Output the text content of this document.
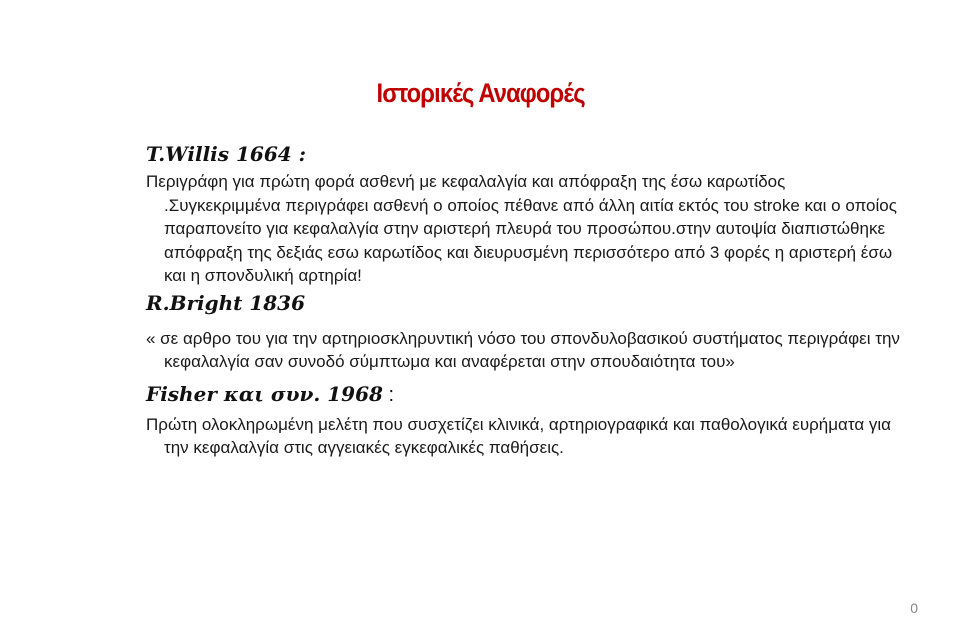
Ιστορικές Αναφορές
T.Willis 1664 :
Περιγράφη για πρώτη φορά ασθενή με κεφαλαλγία και απόφραξη της έσω καρωτίδος .Συγκεκριμμένα περιγράφει ασθενή ο οποίος πέθανε από άλλη αιτία εκτός του stroke και ο οποίος παραπονείτο για κεφαλαλγία στην αριστερή πλευρά του προσώπου.στην αυτοψία διαπιστώθηκε απόφραξη της δεξιάς εσω καρωτίδος και διευρυσμένη περισσότερο από 3 φορές η αριστερή έσω και η σπονδυλική αρτηρία!
R.Bright 1836
« σε αρθρο του για την αρτηριοσκληρυντική νόσο του σπονδυλοβασικού συστήματος περιγράφει την κεφαλαλγία σαν συνοδό σύμπτωμα και αναφέρεται στην σπουδαιότητα του»
Fisher και συν. 1968 :
Πρώτη ολοκληρωμένη μελέτη που συσχετίζει κλινικά, αρτηριογραφικά και παθολογικά ευρήματα για την κεφαλαλγία στις αγγειακές εγκεφαλικές παθήσεις.
0
